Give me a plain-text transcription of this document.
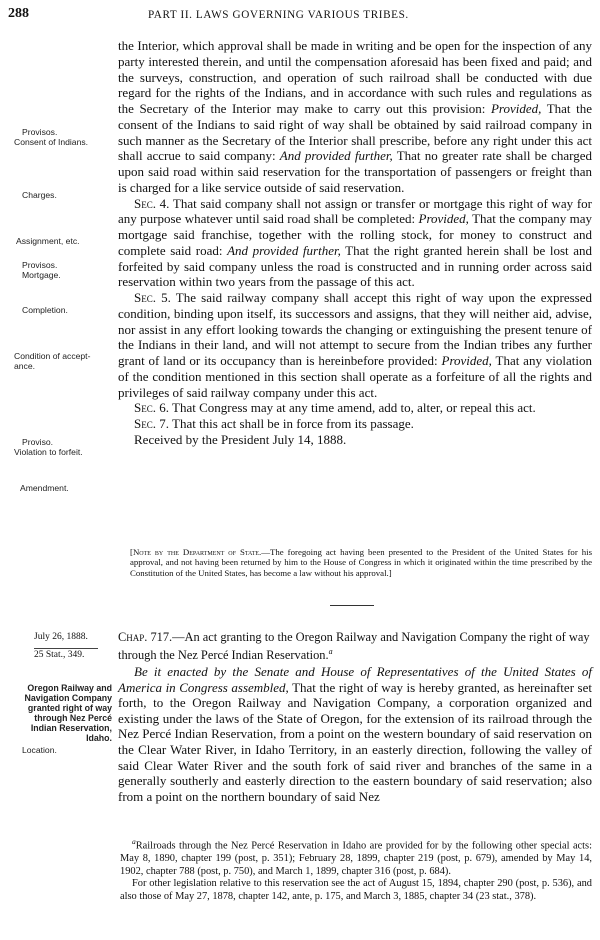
288	PART II. LAWS GOVERNING VARIOUS TRIBES.
Provisos.
Consent of Indians.
Charges.
Assignment, etc.
Provisos.
Mortgage.
Completion.
Condition of accept-
ance.
Proviso.
Violation to forfeit.
Amendment.

the Interior, which approval shall be made in writing and be open for the inspection of any party interested therein, and until the compensation aforesaid has been fixed and paid; and the surveys, construction, and operation of such railroad shall be conducted with due regard for the rights of the Indians, and in accordance with such rules and regulations as the Secretary of the Interior may make to carry out this provision: Provided, That the consent of the Indians to said right of way shall be obtained by said railroad company in such manner as the Secretary of the Interior shall prescribe, before any right under this act shall accrue to said company: And provided further, That no greater rate shall be charged upon said road within said reservation for the transportation of passengers or freight than is charged for a like service outside of said reservation.

Sec. 4. That said company shall not assign or transfer or mortgage this right of way for any purpose whatever until said road shall be completed: Provided, That the company may mortgage said franchise, together with the rolling stock, for money to construct and complete said road: And provided further, That the right granted herein shall be lost and forfeited by said company unless the road is constructed and in running order across said reservation within two years from the passage of this act.

Sec. 5. The said railway company shall accept this right of way upon the expressed condition, binding upon itself, its successors and assigns, that they will neither aid, advise, nor assist in any effort looking towards the changing or extinguishing the present tenure of the Indians in their land, and will not attempt to secure from the Indian tribes any further grant of land or its occupancy than is hereinbefore provided: Provided, That any violation of the condition mentioned in this section shall operate as a forfeiture of all the rights and privileges of said railway company under this act.

Sec. 6. That Congress may at any time amend, add to, alter, or repeal this act.

Sec. 7. That this act shall be in force from its passage.

Received by the President July 14, 1888.

[Note by the Department of State.—The foregoing act having been presented to the President of the United States for his approval, and not having been returned by him to the House of Congress in which it originated within the time prescribed by the Constitution of the United States, has become a law without his approval.]
July 26, 1888.
25 Stat., 349.
Chap. 717.—An act granting to the Oregon Railway and Navigation Company the right of way through the Nez Percé Indian Reservation.$^a$
Oregon Railway and
Navigation Company
granted right of way
through Nez Percé
Indian Reservation,
Idaho.
Location.
Be it enacted by the Senate and House of Representatives of the United States of America in Congress assembled, That the right of way is hereby granted, as hereinafter set forth, to the Oregon Railway and Navigation Company, a corporation organized and existing under the laws of the State of Oregon, for the extension of its railroad through the Nez Percé Indian Reservation, from a point on the western boundary of said reservation on the Clear Water River, in Idaho Territory, in an easterly direction, following the valley of said Clear Water River and the south fork of said river and branches of the same in a generally southerly and easterly direction to the eastern boundary of said reservation; also from a point on the northern boundary of said Nez

$^a$Railroads through the Nez Percé Reservation in Idaho are provided for by the following other special acts: May 8, 1890, chapter 199 (post, p. 351); February 28, 1899, chapter 219 (post, p. 679), amended by May 14, 1902, chapter 788 (post, p. 750), and March 1, 1899, chapter 316 (post, p. 684).

For other legislation relative to this reservation see the act of August 15, 1894, chapter 290 (post, p. 536), and also those of May 27, 1878, chapter 142, ante, p. 175, and March 3, 1885, chapter 34 (23 stat., 378).
